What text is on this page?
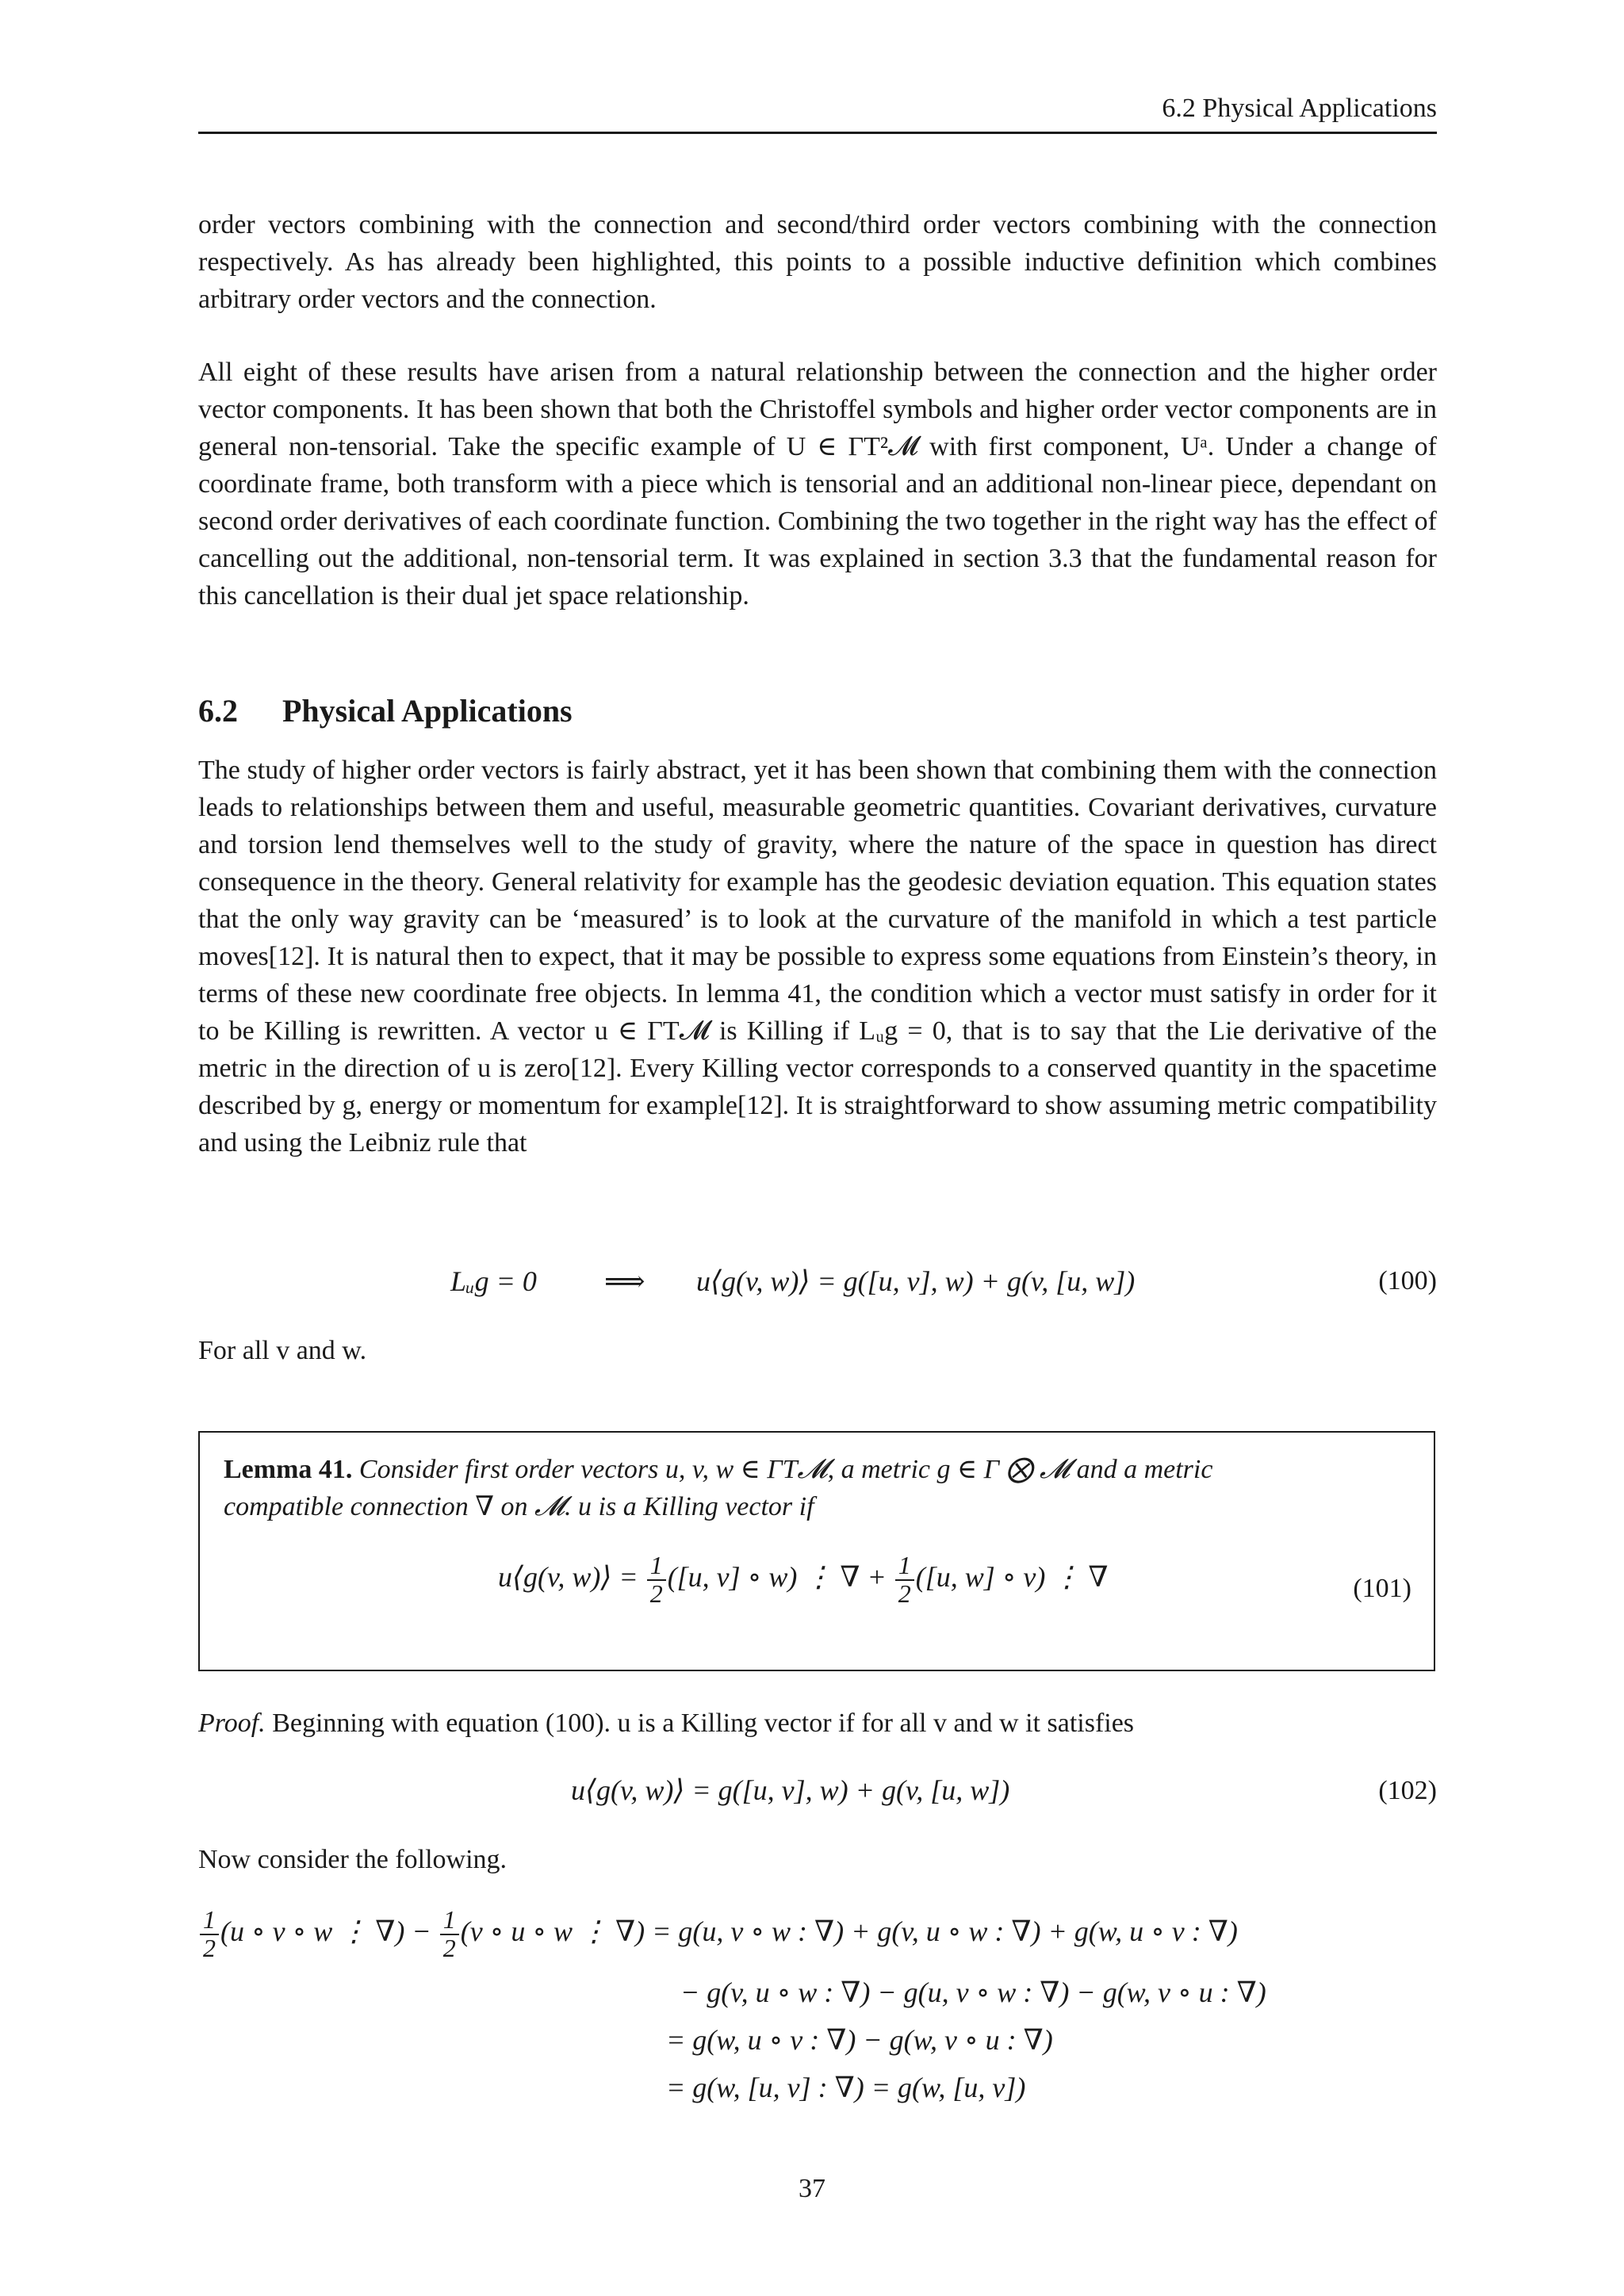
6.2 Physical Applications
order vectors combining with the connection and second/third order vectors combining with the connection respectively. As has already been highlighted, this points to a possible inductive definition which combines arbitrary order vectors and the connection.
All eight of these results have arisen from a natural relationship between the connection and the higher order vector components. It has been shown that both the Christoffel symbols and higher order vector components are in general non-tensorial. Take the specific example of U ∈ ΓT²𝓜 with first component, Uᵃ. Under a change of coordinate frame, both transform with a piece which is tensorial and an additional non-linear piece, dependant on second order derivatives of each coordinate function. Combining the two together in the right way has the effect of cancelling out the additional, non-tensorial term. It was explained in section 3.3 that the fundamental reason for this cancellation is their dual jet space relationship.
6.2 Physical Applications
The study of higher order vectors is fairly abstract, yet it has been shown that combining them with the connection leads to relationships between them and useful, measurable geometric quantities. Covariant derivatives, curvature and torsion lend themselves well to the study of gravity, where the nature of the space in question has direct consequence in the theory. General relativity for example has the geodesic deviation equation. This equation states that the only way gravity can be ‘measured’ is to look at the curvature of the manifold in which a test particle moves[12]. It is natural then to expect, that it may be possible to express some equations from Einstein’s theory, in terms of these new coordinate free objects. In lemma 41, the condition which a vector must satisfy in order for it to be Killing is rewritten. A vector u ∈ ΓT𝓜 is Killing if Lᵤg = 0, that is to say that the Lie derivative of the metric in the direction of u is zero[12]. Every Killing vector corresponds to a conserved quantity in the spacetime described by g, energy or momentum for example[12]. It is straightforward to show assuming metric compatibility and using the Leibniz rule that
Lᵤg = 0 ⟹ u⟨g(v, w)⟩ = g([u, v], w) + g(v, [u, w])	(100)
For all v and w.
Lemma 41. Consider first order vectors u, v, w ∈ ΓT𝓜, a metric g ∈ Γ ⨂ 𝓜 and a metric
compatible connection ∇ on 𝓜. u is a Killing vector if
u⟨g(v, w)⟩ = $\frac{1}{2} ([u$, v] ∘ w) ⋮ ∇ + $\frac{1}{2} ([u$, w] ∘ v) ⋮ ∇	(101)
Proof. Beginning with equation (100). u is a Killing vector if for all v and w it satisfies
u⟨g(v, w)⟩ = g([u, v], w) + g(v, [u, w])	(102)
Now consider the following.
$\frac{1}{2} (u$ ∘ v ∘ w ⋮ ∇) − $\frac{1}{2} (v$ ∘ u ∘ w ⋮ ∇) = g(u, v ∘ w : ∇) + g(v, u ∘ w : ∇) + g(w, u ∘ v : ∇)
− g(v, u ∘ w : ∇) − g(u, v ∘ w : ∇) − g(w, v ∘ u : ∇)
= g(w, u ∘ v : ∇) − g(w, v ∘ u : ∇)
= g(w, [u, v] : ∇) = g(w, [u, v])
37
